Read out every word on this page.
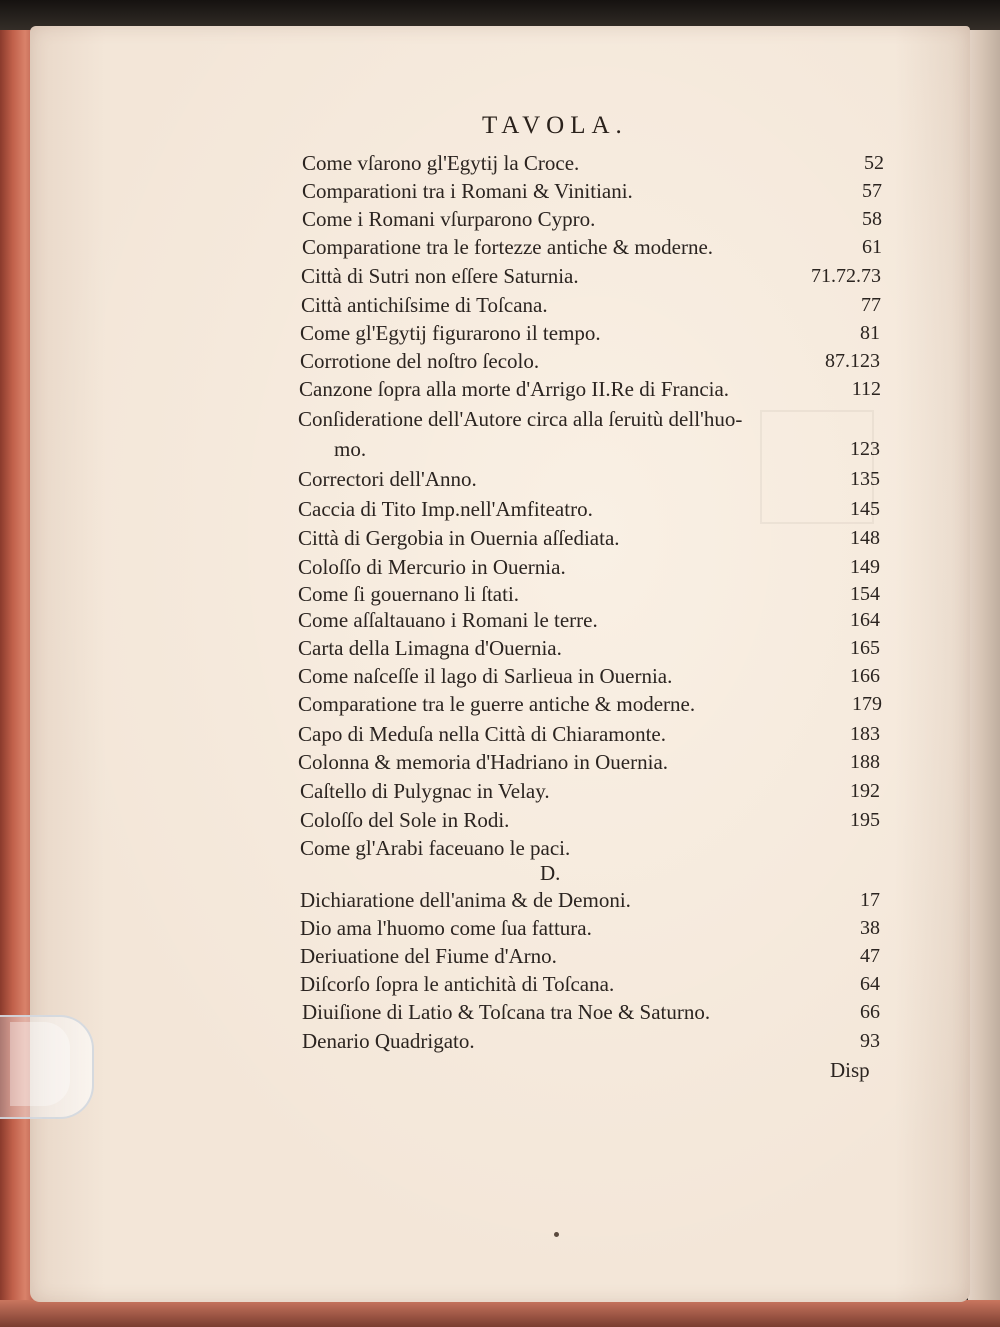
TAVOLA.
Come vſarono gl'Egytij la Croce.	52
Comparationi tra i Romani & Vinitiani.	57
Come i Romani vſurparono Cypro.	58
Comparatione tra le fortezze antiche & moderne.	61
Città di Sutri non eſſere Saturnia.	71.72.73
Città antichiſsime di Toſcana.	77
Come gl'Egytij figurarono il tempo.	81
Corrotione del noſtro ſecolo.	87.123
Canzone ſopra alla morte d'Arrigo II.Re di Francia.	112
Conſideratione dell'Autore circa alla ſeruitù dell'huo-
mo.	123
Correctori dell'Anno.	135
Caccia di Tito Imp.nell'Amfiteatro.	145
Città di Gergobia in Ouernia aſſediata.	148
Coloſſo di Mercurio in Ouernia.	149
Come ſi gouernano li ſtati.	154
Come aſſaltauano i Romani le terre.	164
Carta della Limagna d'Ouernia.	165
Come naſceſſe il lago di Sarlieua in Ouernia.	166
Comparatione tra le guerre antiche & moderne.	179
Capo di Meduſa nella Città di Chiaramonte.	183
Colonna & memoria d'Hadriano in Ouernia.	188
Caſtello di Pulygnac in Velay.	192
Coloſſo del Sole in Rodi.	195
Come gl'Arabi faceuano le paci.
D.
Dichiaratione dell'anima & de Demoni.	17
Dio ama l'huomo come ſua fattura.	38
Deriuatione del Fiume d'Arno.	47
Diſcorſo ſopra le antichità di Toſcana.	64
Diuiſione di Latio & Toſcana tra Noe & Saturno.	66
Denario Quadrigato.	93
Disp
